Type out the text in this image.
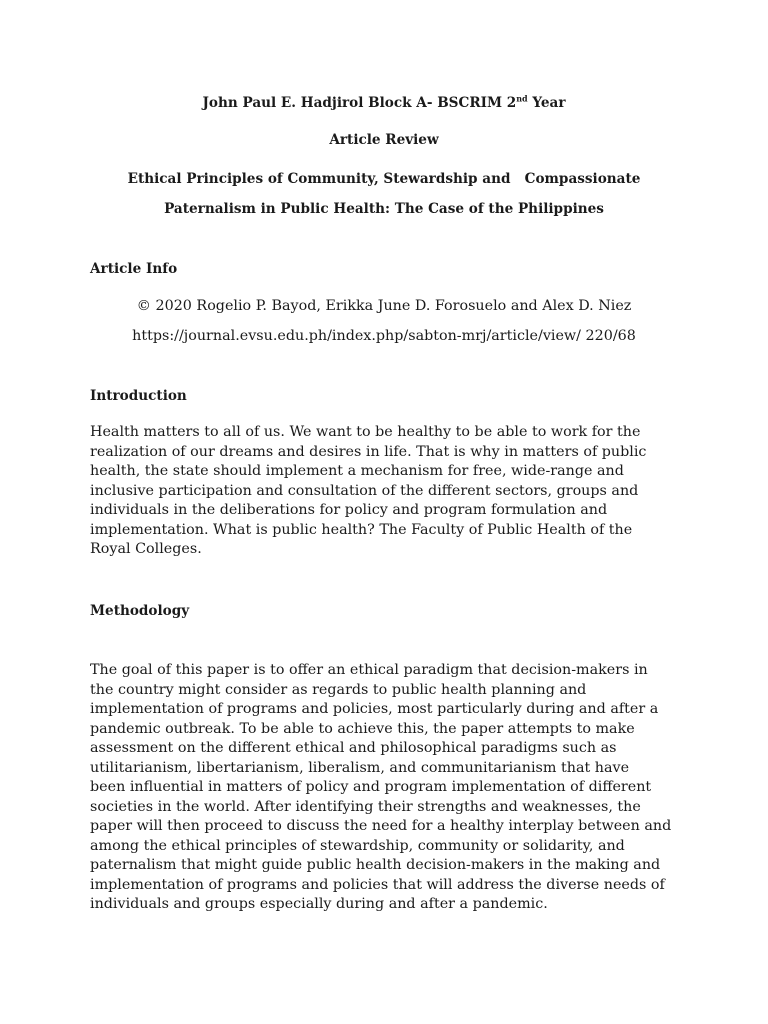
John Paul E. Hadjirol Block A- BSCRIM 2nd Year
Article Review
Ethical Principles of Community, Stewardship and   Compassionate
Paternalism in Public Health: The Case of the Philippines
Article Info
© 2020 Rogelio P. Bayod, Erikka June D. Forosuelo and Alex D. Niez
https://journal.evsu.edu.ph/index.php/sabton-mrj/article/view/ 220/68
Introduction
Health matters to all of us. We want to be healthy to be able to work for the
realization of our dreams and desires in life. That is why in matters of public
health, the state should implement a mechanism for free, wide-range and
inclusive participation and consultation of the different sectors, groups and
individuals in the deliberations for policy and program formulation and
implementation. What is public health? The Faculty of Public Health of the
Royal Colleges.
Methodology
The goal of this paper is to offer an ethical paradigm that decision-makers in
the country might consider as regards to public health planning and
implementation of programs and policies, most particularly during and after a
pandemic outbreak. To be able to achieve this, the paper attempts to make
assessment on the different ethical and philosophical paradigms such as
utilitarianism, libertarianism, liberalism, and communitarianism that have
been influential in matters of policy and program implementation of different
societies in the world. After identifying their strengths and weaknesses, the
paper will then proceed to discuss the need for a healthy interplay between and
among the ethical principles of stewardship, community or solidarity, and
paternalism that might guide public health decision-makers in the making and
implementation of programs and policies that will address the diverse needs of
individuals and groups especially during and after a pandemic.
